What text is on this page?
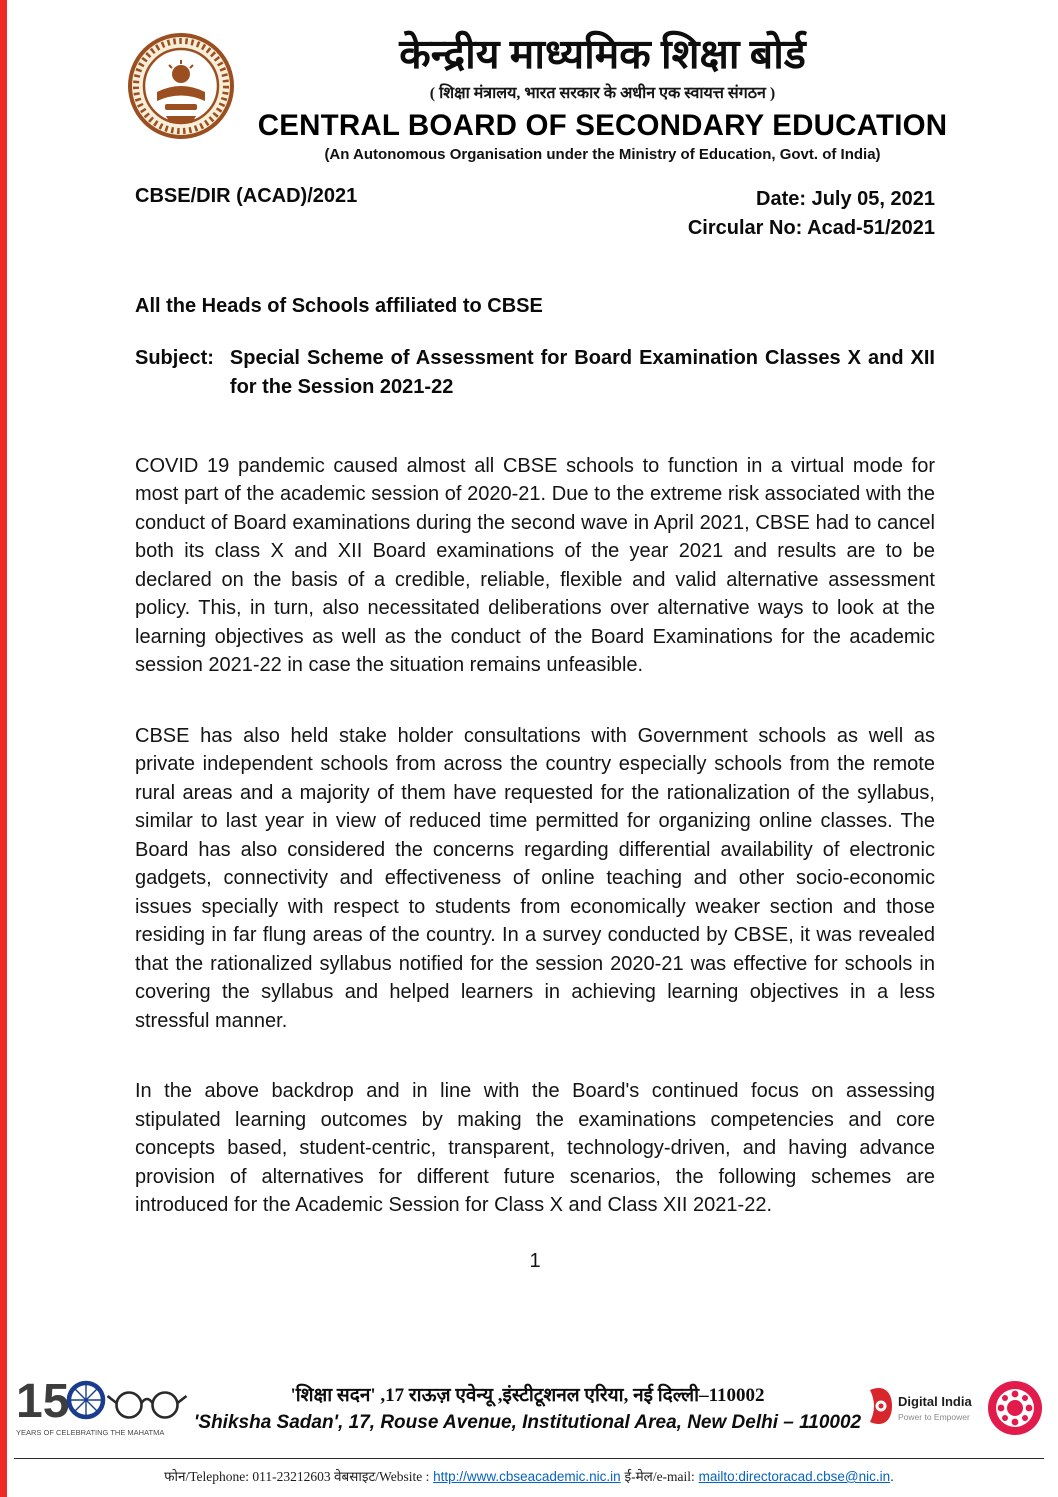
केन्द्रीय माध्यमिक शिक्षा बोर्ड
( शिक्षा मंत्रालय, भारत सरकार के अधीन एक स्वायत्त संगठन )
CENTRAL BOARD OF SECONDARY EDUCATION
(An Autonomous Organisation under the Ministry of Education, Govt. of India)
CBSE/DIR (ACAD)/2021	Date: July 05, 2021
Circular No: Acad-51/2021
All the Heads of Schools affiliated to CBSE
Subject: Special Scheme of Assessment for Board Examination Classes X and XII for the Session 2021-22

COVID 19 pandemic caused almost all CBSE schools to function in a virtual mode for most part of the academic session of 2020-21. Due to the extreme risk associated with the conduct of Board examinations during the second wave in April 2021, CBSE had to cancel both its class X and XII Board examinations of the year 2021 and results are to be declared on the basis of a credible, reliable, flexible and valid alternative assessment policy. This, in turn, also necessitated deliberations over alternative ways to look at the learning objectives as well as the conduct of the Board Examinations for the academic session 2021-22 in case the situation remains unfeasible.

CBSE has also held stake holder consultations with Government schools as well as private independent schools from across the country especially schools from the remote rural areas and a majority of them have requested for the rationalization of the syllabus, similar to last year in view of reduced time permitted for organizing online classes. The Board has also considered the concerns regarding differential availability of electronic gadgets, connectivity and effectiveness of online teaching and other socio-economic issues specially with respect to students from economically weaker section and those residing in far flung areas of the country. In a survey conducted by CBSE, it was revealed that the rationalized syllabus notified for the session 2020-21 was effective for schools in covering the syllabus and helped learners in achieving learning objectives in a less stressful manner.

In the above backdrop and in line with the Board's continued focus on assessing stipulated learning outcomes by making the examinations competencies and core concepts based, student-centric, transparent, technology-driven, and having advance provision of alternatives for different future scenarios, the following schemes are introduced for the Academic Session for Class X and Class XII 2021-22.

1
15
YEARS OF CELEBRATING THE MAHATMA
'शिक्षा सदन' ,17 राऊज़ एवेन्यू ,इंस्टीटूशनल एरिया, नई दिल्ली–110002
'Shiksha Sadan', 17, Rouse Avenue, Institutional Area, New Delhi – 110002
Digital India
Power to Empower
फोन/Telephone: 011-23212603 वेबसाइट/Website : http://www.cbseacademic.nic.in ई-मेल/e-mail: mailto:directoracad.cbse@nic.in.
